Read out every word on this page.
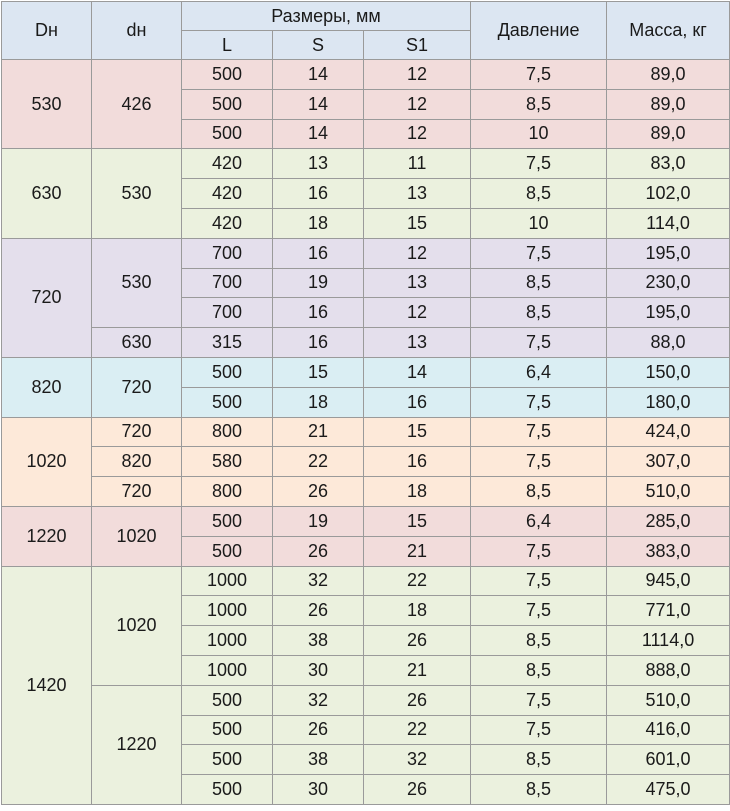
Dн	dн	Размеры, мм			Давление	Масса, кг
		L	S	S1		
530	426	500	14	12	7,5	89,0
		500	14	12	8,5	89,0
		500	14	12	10	89,0
630	530	420	13	11	7,5	83,0
		420	16	13	8,5	102,0
		420	18	15	10	114,0
720	530	700	16	12	7,5	195,0
		700	19	13	8,5	230,0
		700	16	12	8,5	195,0
	630	315	16	13	7,5	88,0
820	720	500	15	14	6,4	150,0
		500	18	16	7,5	180,0
1020	720	800	21	15	7,5	424,0
	820	580	22	16	7,5	307,0
	720	800	26	18	8,5	510,0
1220	1020	500	19	15	6,4	285,0
		500	26	21	7,5	383,0
1420	1020	1000	32	22	7,5	945,0
		1000	26	18	7,5	771,0
		1000	38	26	8,5	1114,0
		1000	30	21	8,5	888,0
	1220	500	32	26	7,5	510,0
		500	26	22	7,5	416,0
		500	38	32	8,5	601,0
		500	30	26	8,5	475,0
